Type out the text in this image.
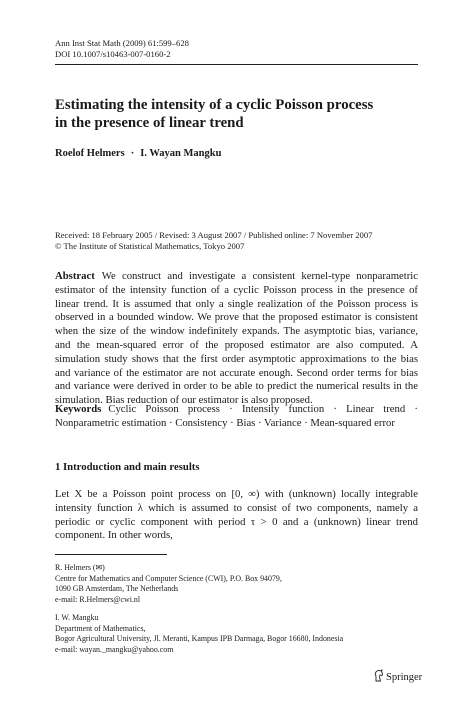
Ann Inst Stat Math (2009) 61:599–628
DOI 10.1007/s10463-007-0160-2
Estimating the intensity of a cyclic Poisson process
in the presence of linear trend
Roelof Helmers · I. Wayan Mangku
Received: 18 February 2005 / Revised: 3 August 2007 / Published online: 7 November 2007
© The Institute of Statistical Mathematics, Tokyo 2007
Abstract We construct and investigate a consistent kernel-type nonparametric estimator of the intensity function of a cyclic Poisson process in the presence of linear trend. It is assumed that only a single realization of the Poisson process is observed in a bounded window. We prove that the proposed estimator is consistent when the size of the window indefinitely expands. The asymptotic bias, variance, and the mean-squared error of the proposed estimator are also computed. A simulation study shows that the first order asymptotic approximations to the bias and variance of the estimator are not accurate enough. Second order terms for bias and variance were derived in order to be able to predict the numerical results in the simulation. Bias reduction of our estimator is also proposed.
Keywords Cyclic Poisson process · Intensity function · Linear trend · Nonparametric estimation · Consistency · Bias · Variance · Mean-squared error
1 Introduction and main results
Let X be a Poisson point process on [0, ∞) with (unknown) locally integrable intensity function λ which is assumed to consist of two components, namely a periodic or cyclic component with period τ > 0 and a (unknown) linear trend component. In other words,
R. Helmers (✉)
Centre for Mathematics and Computer Science (CWI), P.O. Box 94079,
1090 GB Amsterdam, The Netherlands
e-mail: R.Helmers@cwi.nl
I. W. Mangku
Department of Mathematics,
Bogor Agricultural University, Jl. Meranti, Kampus IPB Darmaga, Bogor 16680, Indonesia
e-mail: wayan._mangku@yahoo.com
Springer
